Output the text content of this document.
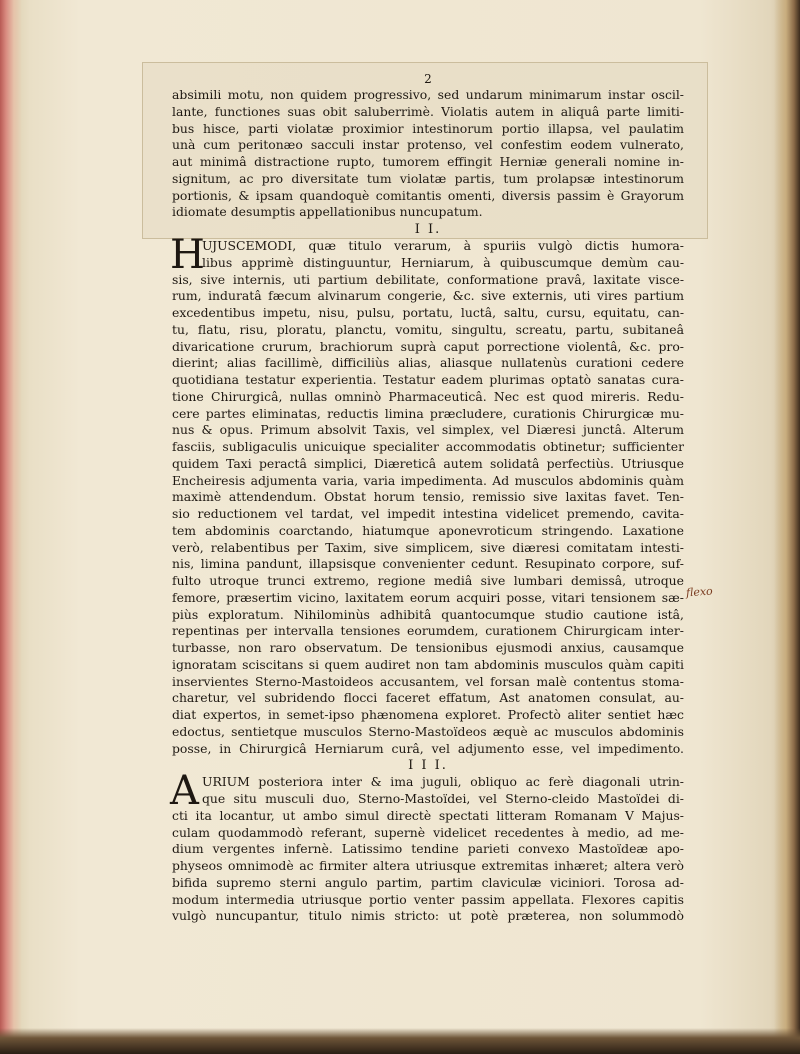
2
absimili motu, non quidem progressivo, sed undarum minimarum instar oscil-
lante, functiones suas obit saluberrimè. Violatis autem in aliquâ parte limiti-
bus hisce, parti violatæ proximior intestinorum portio illapsa, vel paulatim
unà cum peritonæo sacculi instar protenso, vel confestim eodem vulnerato,
aut minimâ distractione rupto, tumorem effingit Herniæ generali nomine in-
signitum, ac pro diversitate tum violatæ partis, tum prolapsæ intestinorum
portionis, & ipsam quandoquè comitantis omenti, diversis passim è Grayorum
idiomate desumptis appellationibus nuncupatum.
I I.
H
UJUSCEMODI, quæ titulo verarum, à spuriis vulgò dictis humora-
libus apprimè distinguuntur, Herniarum, à quibuscumque demùm cau-
sis, sive internis, uti partium debilitate, conformatione pravâ, laxitate visce-
rum, induratâ fæcum alvinarum congerie, &c. sive externis, uti vires partium
excedentibus impetu, nisu, pulsu, portatu, luctâ, saltu, cursu, equitatu, can-
tu, flatu, risu, ploratu, planctu, vomitu, singultu, screatu, partu, subitaneâ
divaricatione crurum, brachiorum suprà caput porrectione violentâ, &c. pro-
dierint; alias facillimè, difficiliùs alias, aliasque nullatenùs curationi cedere
quotidiana testatur experientia. Testatur eadem plurimas optatò sanatas cura-
tione Chirurgicâ, nullas omninò Pharmaceuticâ. Nec est quod mireris. Redu-
cere partes eliminatas, reductis limina præcludere, curationis Chirurgicæ mu-
nus & opus. Primum absolvit Taxis, vel simplex, vel Diæresi junctâ. Alterum
fasciis, subligaculis unicuique specialiter accommodatis obtinetur; sufficienter
quidem Taxi peractâ simplici, Diæreticâ autem solidatâ perfectiùs. Utriusque
Encheiresis adjumenta varia, varia impedimenta. Ad musculos abdominis quàm
maximè attendendum. Obstat horum tensio, remissio sive laxitas favet. Ten-
sio reductionem vel tardat, vel impedit intestina videlicet premendo, cavita-
tem abdominis coarctando, hiatumque aponevroticum stringendo. Laxatione
verò, relabentibus per Taxim, sive simplicem, sive diæresi comitatam intesti-
nis, limina pandunt, illapsisque convenienter cedunt. Resupinato corpore, suf-
fulto utroque trunci extremo, regione mediâ sive lumbari demissâ, utroque
femore, præsertim vicino, laxitatem eorum acquiri posse, vitari tensionem sæ-
piùs exploratum. Nihilominùs adhibitâ quantocumque studio cautione istâ,
repentinas per intervalla tensiones eorumdem, curationem Chirurgicam inter-
turbasse, non raro observatum. De tensionibus ejusmodi anxius, causamque
ignoratam sciscitans si quem audiret non tam abdominis musculos quàm capiti
inservientes Sterno-Mastoideos accusantem, vel forsan malè contentus stoma-
charetur, vel subridendo flocci faceret effatum, Ast anatomen consulat, au-
diat expertos, in semet-ipso phænomena exploret. Profectò aliter sentiet hæc
edoctus, sentietque musculos Sterno-Mastoïdeos æquè ac musculos abdominis
posse, in Chirurgicâ Herniarum curâ, vel adjumento esse, vel impedimento.
I I I.
A URIUM posteriora inter & ima juguli, obliquo ac ferè diagonali utrin-
que situ musculi duo, Sterno-Mastoïdei, vel Sterno-cleido Mastoïdei di-
cti ita locantur, ut ambo simul directè spectati litteram Romanam V Majus-
culam quodammodò referant, supernè videlicet recedentes à medio, ad me-
dium vergentes infernè. Latissimo tendine parieti convexo Mastoïdeæ apo-
physeos omnimodè ac firmiter altera utriusque extremitas inhæret; altera verò
bifida supremo sterni angulo partim, partim claviculæ viciniori. Torosa ad-
modum intermedia utriusque portio venter passim appellata. Flexores capitis
vulgò nuncupantur, titulo nimis stricto: ut potè præterea, non solummodò
flexo
